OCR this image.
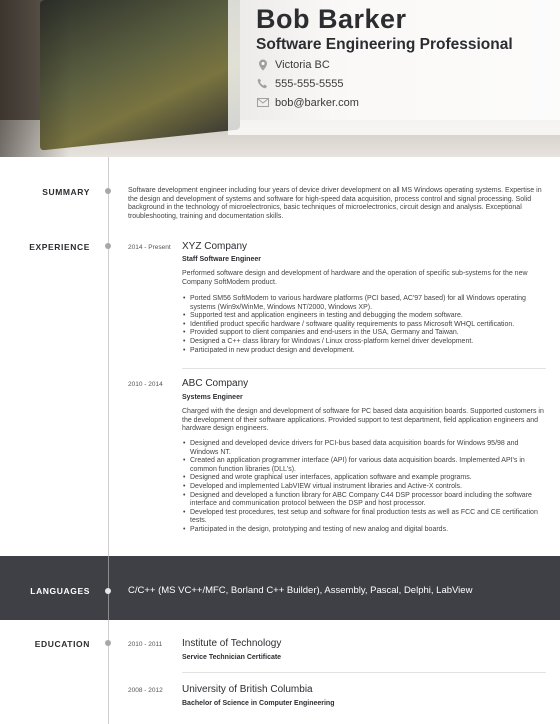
Bob Barker
Software Engineering Professional
Victoria BC
555-555-5555
bob@barker.com
SUMMARY	Software development engineer including four years of device driver development on all MS Windows operating systems. Expertise in the design and development of systems and software for high-speed data acquisition, process control and signal processing. Solid background in the technology of microelectronics, basic techniques of microelectronics, circuit design and analysis. Exceptional troubleshooting, training and documentation skills.
EXPERIENCE	2014 - Present XYZ Company
Staff Software Engineer
Performed software design and development of hardware and the operation of specific sub-systems for the new Company SoftModem product.
• Ported SM56 SoftModem to various hardware platforms (PCI based, AC'97 based) for all Windows operating systems (Win9x/WinMe, Windows NT/2000, Windows XP).
• Supported test and application engineers in testing and debugging the modem software.
• Identified product specific hardware / software quality requirements to pass Microsoft WHQL certification.
• Provided support to client companies and end-users in the USA, Germany and Taiwan.
• Designed a C++ class library for Windows / Linux cross-platform kernel driver development.
• Participated in new product design and development.
2010 - 2014 ABC Company
Systems Engineer
Charged with the design and development of software for PC based data acquisition boards. Supported customers in the development of their software applications. Provided support to test department, field application engineers and hardware design engineers.
• Designed and developed device drivers for PCI-bus based data acquisition boards for Windows 95/98 and Windows NT.
• Created an application programmer interface (API) for various data acquisition boards. Implemented API's in common function libraries (DLL's).
• Designed and wrote graphical user interfaces, application software and example programs.
• Developed and implemented LabVIEW virtual instrument libraries and Active-X controls.
• Designed and developed a function library for ABC Company C44 DSP processor board including the software interface and communication protocol between the DSP and host processor.
• Developed test procedures, test setup and software for final production tests as well as FCC and CE certification tests.
• Participated in the design, prototyping and testing of new analog and digital boards.
LANGUAGES	C/C++ (MS VC++/MFC, Borland C++ Builder), Assembly, Pascal, Delphi, LabView
EDUCATION	2010 - 2011 Institute of Technology
Service Technician Certificate
2008 - 2012 University of British Columbia
Bachelor of Science in Computer Engineering
